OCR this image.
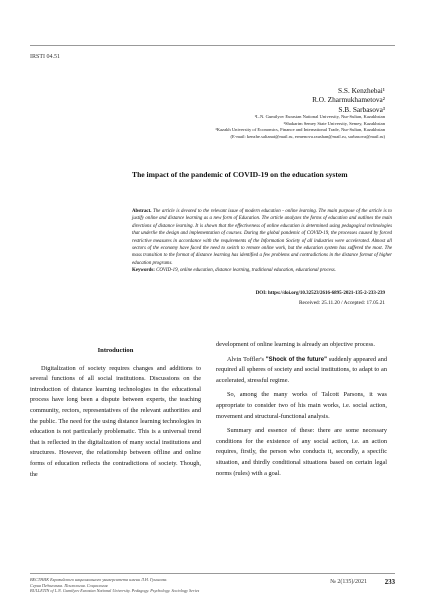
IRSTI 04.51
S.S. Kenzhebai¹
R.O. Zharmukhametova²
S.B. Sarbasova³
¹L.N. Gumilyov Eurasian National University, Nur-Sultan, Kazakhstan
²Shakarim Semey State University, Semey, Kazakhstan
³Kazakh University of Economics, Finance and International Trade, Nur-Sultan, Kazakhstan
(E-mail: kenzhe.saltanat@mail.ru, ermenova.raushan@mail.ru, sarbasova@mail.ru)
The impact of the pandemic of COVID-19 on the education system
Abstract. The article is devoted to the relevant issue of modern education - online learning. The main purpose of the article is to justify online and distance learning as a new form of Education. The article analyzes the forms of education and outlines the main directions of distance learning. It is shown that the effectiveness of online education is determined using pedagogical technologies that underlie the design and implementation of courses. During the global pandemic of COVID-19, the processes caused by forced restrictive measures in accordance with the requirements of the Information Society of all industries were accelerated. Almost all sectors of the economy have faced the need to switch to remote online work, but the education system has suffered the most. The mass transition to the format of distance learning has identified a few problems and contradictions in the distance format of higher education programs.
Keywords: COVID-19, online education, distance learning, traditional education, educational process.
DOI: https://doi.org/10.32523/2616-6895-2021-135-2-233-239
Received: 25.11.20 / Accepted: 17.05.21

Introduction

Digitalization of society requires changes and additions to several functions of all social institutions. Discussions on the introduction of distance learning technologies in the educational process have long been a dispute between experts, the teaching community, rectors, representatives of the relevant authorities and the public. The need for the using distance learning technologies in education is not particularly problematic. This is a universal trend that is reflected in the digitalization of many social institutions and structures. However, the relationship between offline and online forms of education reflects the contradictions of society. Though, the

development of online learning is already an objective process.

Alvin Toffler's "Shock of the future" suddenly appeared and required all spheres of society and social institutions, to adapt to an accelerated, stressful regime.

So, among the many works of Talcott Parsons, it was appropriate to consider two of his main works, i.e. social action, movement and structural-functional analysis.

Summary and essence of these: there are some necessary conditions for the existence of any social action, i.e. an action requires, firstly, the person who conducts it, secondly, a specific situation, and thirdly conditional situations based on certain legal norms (rules) with a goal.

ВЕСТНИК Евразийского национального университета имени Л.Н. Гумилева.
Серия Педагогика. Психология. Социология
BULLETIN of L.N. Gumilyov Eurasian National University. Pedagogy. Psychology. Sociology Series
№ 2(135)/2021	233
